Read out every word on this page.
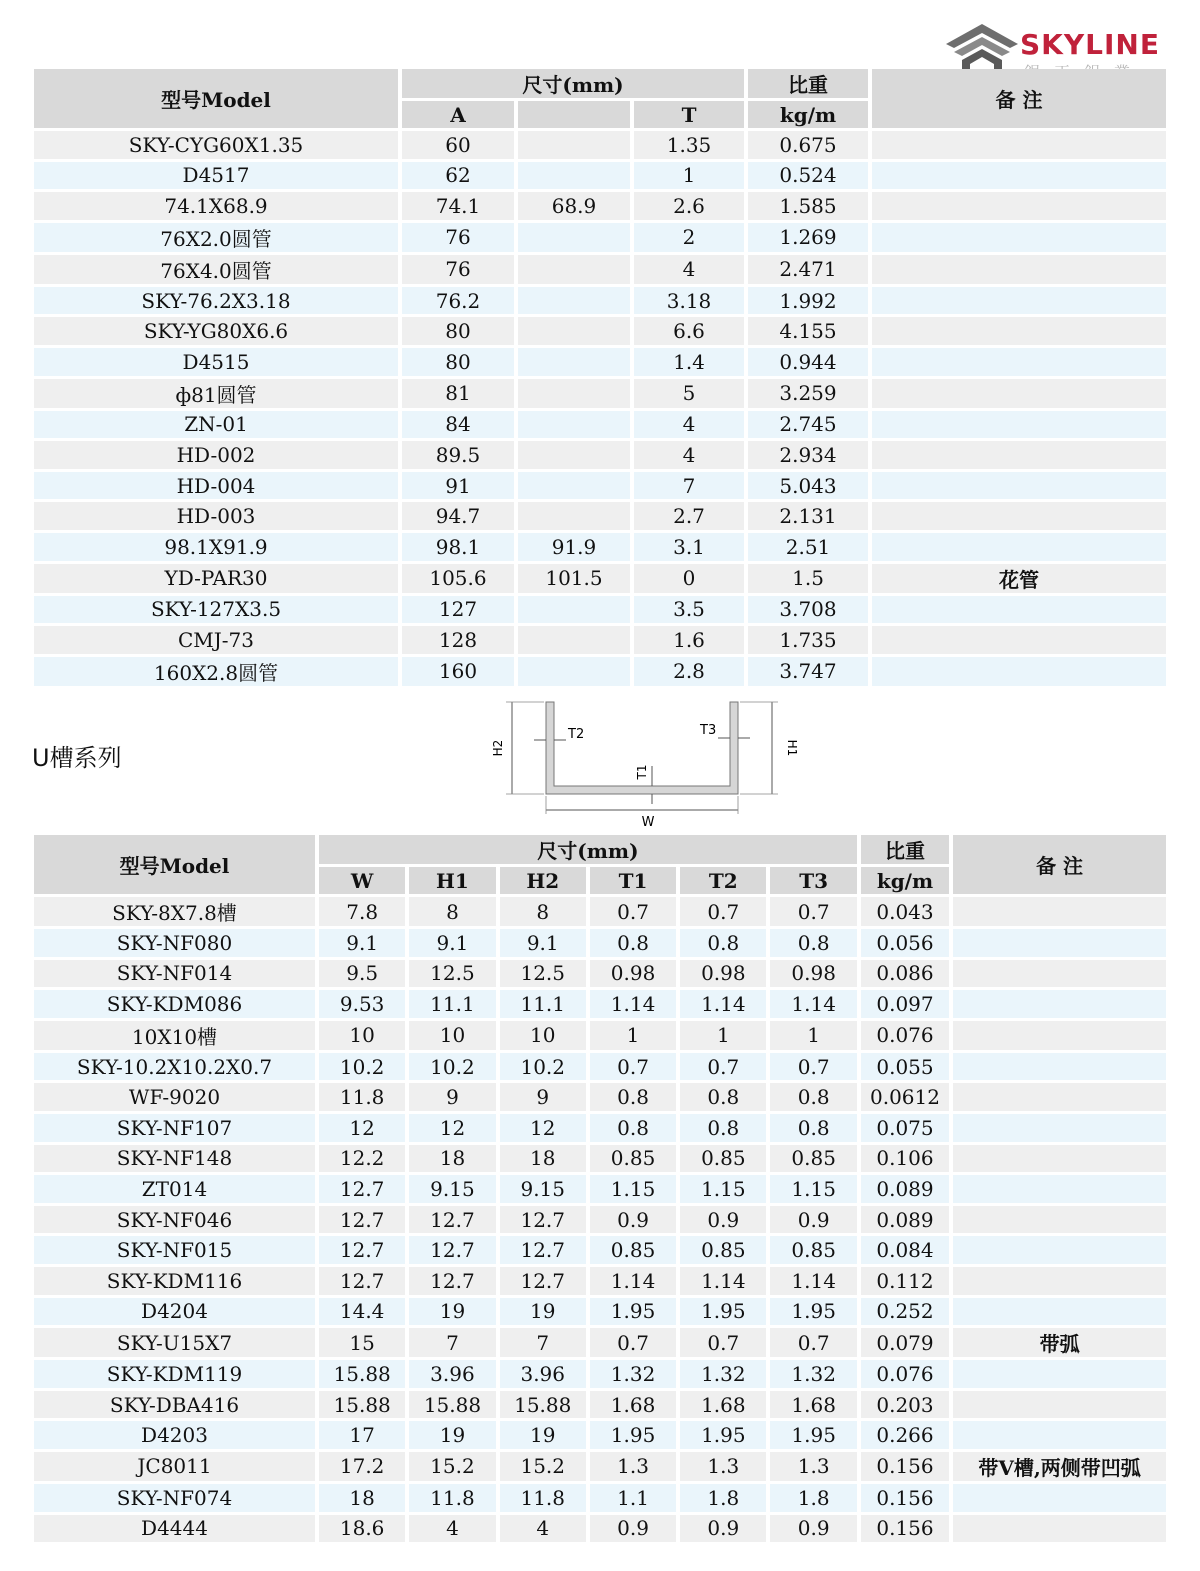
SKYLINE
型号Model	尺寸(mm)			比重	备 注
	A		T	kg/m	
SKY-CYG60X1.35	60		1.35	0.675	
D4517	62		1	0.524	
74.1X68.9	74.1	68.9	2.6	1.585	
76X2.0圆管	76		2	1.269	
76X4.0圆管	76		4	2.471	
SKY-76.2X3.18	76.2		3.18	1.992	
SKY-YG80X6.6	80		6.6	4.155	
D4515	80		1.4	0.944	
ф81圆管	81		5	3.259	
ZN-01	84		4	2.745	
HD-002	89.5		4	2.934	
HD-004	91		7	5.043	
HD-003	94.7		2.7	2.131	
98.1X91.9	98.1	91.9	3.1	2.51	
YD-PAR30	105.6	101.5	0	1.5	花管
SKY-127X3.5	127		3.5	3.708	
CMJ-73	128		1.6	1.735	
160X2.8圆管	160		2.8	3.747	
U槽系列	H2
T2	T3
H1
T1
W
型号Model	尺寸(mm)						比重	备 注
	W	H1	H2	T1	T2	T3	kg/m	
SKY-8X7.8槽	7.8	8	8	0.7	0.7	0.7	0.043	
SKY-NF080	9.1	9.1	9.1	0.8	0.8	0.8	0.056	
SKY-NF014	9.5	12.5	12.5	0.98	0.98	0.98	0.086	
SKY-KDM086	9.53	11.1	11.1	1.14	1.14	1.14	0.097	
10X10槽	10	10	10	1	1	1	0.076	
SKY-10.2X10.2X0.7	10.2	10.2	10.2	0.7	0.7	0.7	0.055	
WF-9020	11.8	9	9	0.8	0.8	0.8	0.0612	
SKY-NF107	12	12	12	0.8	0.8	0.8	0.075	
SKY-NF148	12.2	18	18	0.85	0.85	0.85	0.106	
ZT014	12.7	9.15	9.15	1.15	1.15	1.15	0.089	
SKY-NF046	12.7	12.7	12.7	0.9	0.9	0.9	0.089	
SKY-NF015	12.7	12.7	12.7	0.85	0.85	0.85	0.084	
SKY-KDM116	12.7	12.7	12.7	1.14	1.14	1.14	0.112	
D4204	14.4	19	19	1.95	1.95	1.95	0.252	
SKY-U15X7	15	7	7	0.7	0.7	0.7	0.079	带弧
SKY-KDM119	15.88	3.96	3.96	1.32	1.32	1.32	0.076	
SKY-DBA416	15.88	15.88	15.88	1.68	1.68	1.68	0.203	
D4203	17	19	19	1.95	1.95	1.95	0.266	
JC8011	17.2	15.2	15.2	1.3	1.3	1.3	0.156	带V槽,两侧带凹弧
SKY-NF074	18	11.8	11.8	1.1	1.8	1.8	0.156	
D4444	18.6	4	4	0.9	0.9	0.9	0.156	
